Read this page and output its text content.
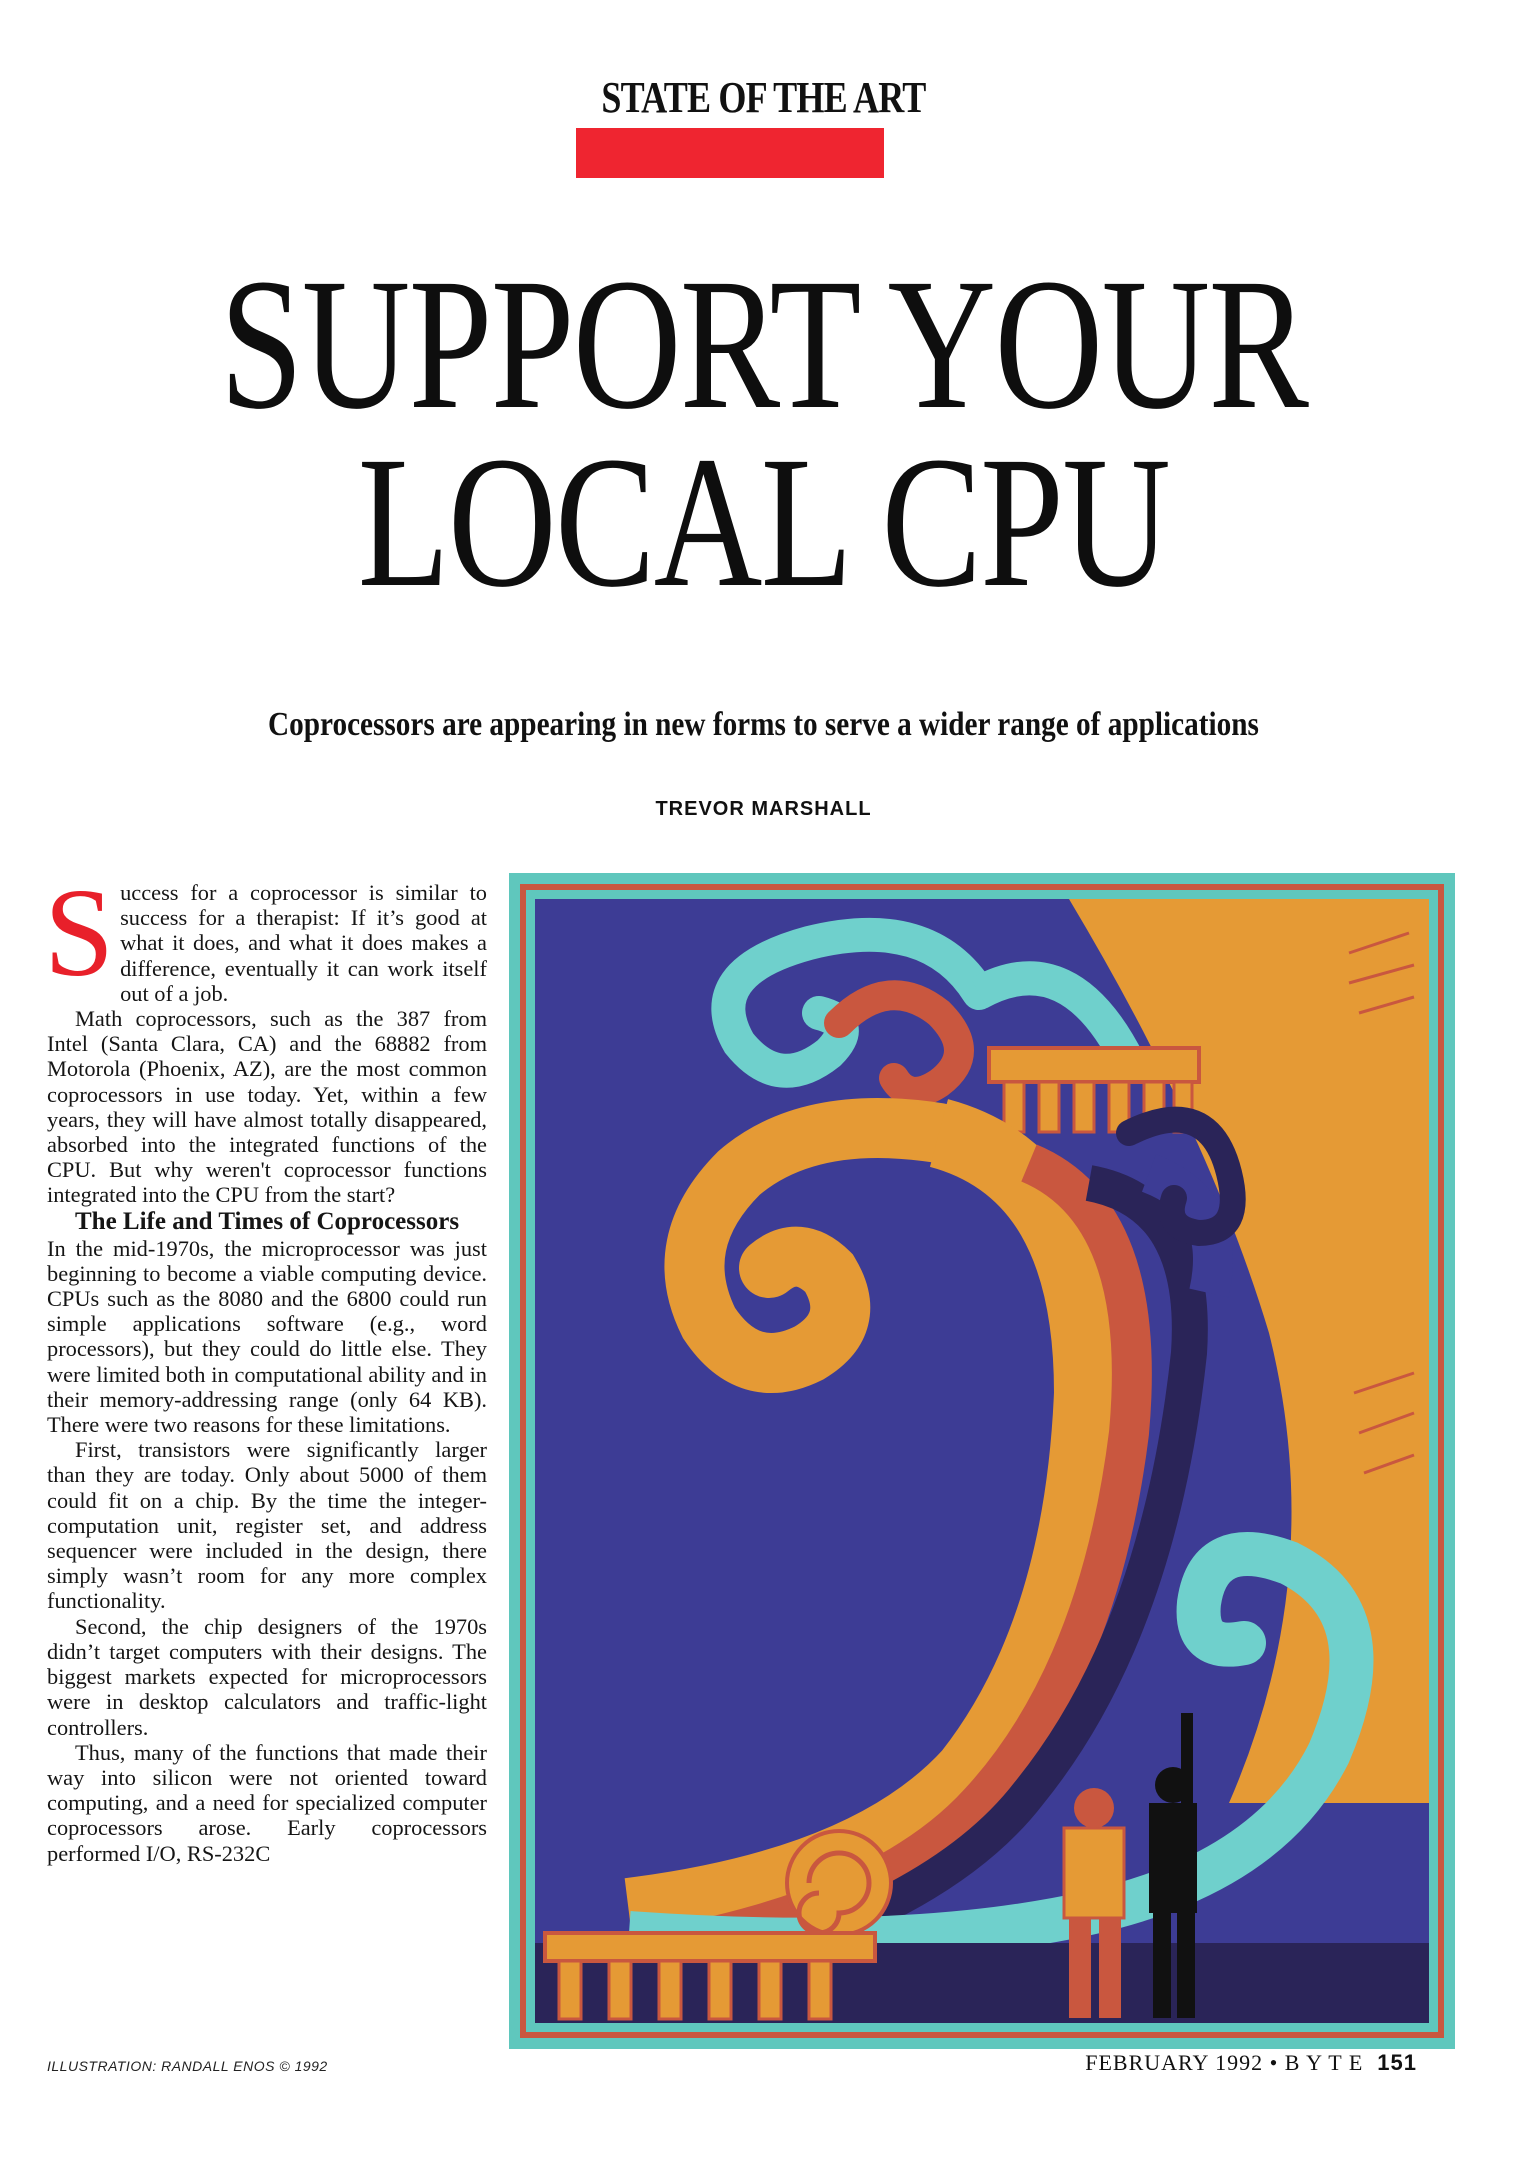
STATE OF THE ART
SUPPORT YOUR
LOCAL CPU
Coprocessors are appearing in new forms to serve a wider range of applications
TREVOR MARSHALL

Success for a coprocessor is similar to success for a therapist: If it’s good at what it does, and what it does makes a difference, eventually it can work itself out of a job.

Math coprocessors, such as the 387 from Intel (Santa Clara, CA) and the 68882 from Motorola (Phoenix, AZ), are the most common coprocessors in use today. Yet, within a few years, they will have almost totally disappeared, absorbed into the integrated functions of the CPU. But why weren't coprocessor functions integrated into the CPU from the start?

The Life and Times of Coprocessors

In the mid-1970s, the microprocessor was just beginning to become a viable computing device. CPUs such as the 8080 and the 6800 could run simple applications software (e.g., word processors), but they could do little else. They were limited both in computational ability and in their memory-addressing range (only 64 KB). There were two reasons for these limitations.

First, transistors were significantly larger than they are today. Only about 5000 of them could fit on a chip. By the time the integer-computation unit, register set, and address sequencer were included in the design, there simply wasn’t room for any more complex functionality.

Second, the chip designers of the 1970s didn’t target computers with their designs. The biggest markets expected for microprocessors were in desktop calculators and traffic-light controllers.

Thus, many of the functions that made their way into silicon were not oriented toward computing, and a need for specialized computer coprocessors arose. Early coprocessors performed I/O, RS-232C

ILLUSTRATION: RANDALL ENOS © 1992	FEBRUARY 1992 • B Y T E 151
